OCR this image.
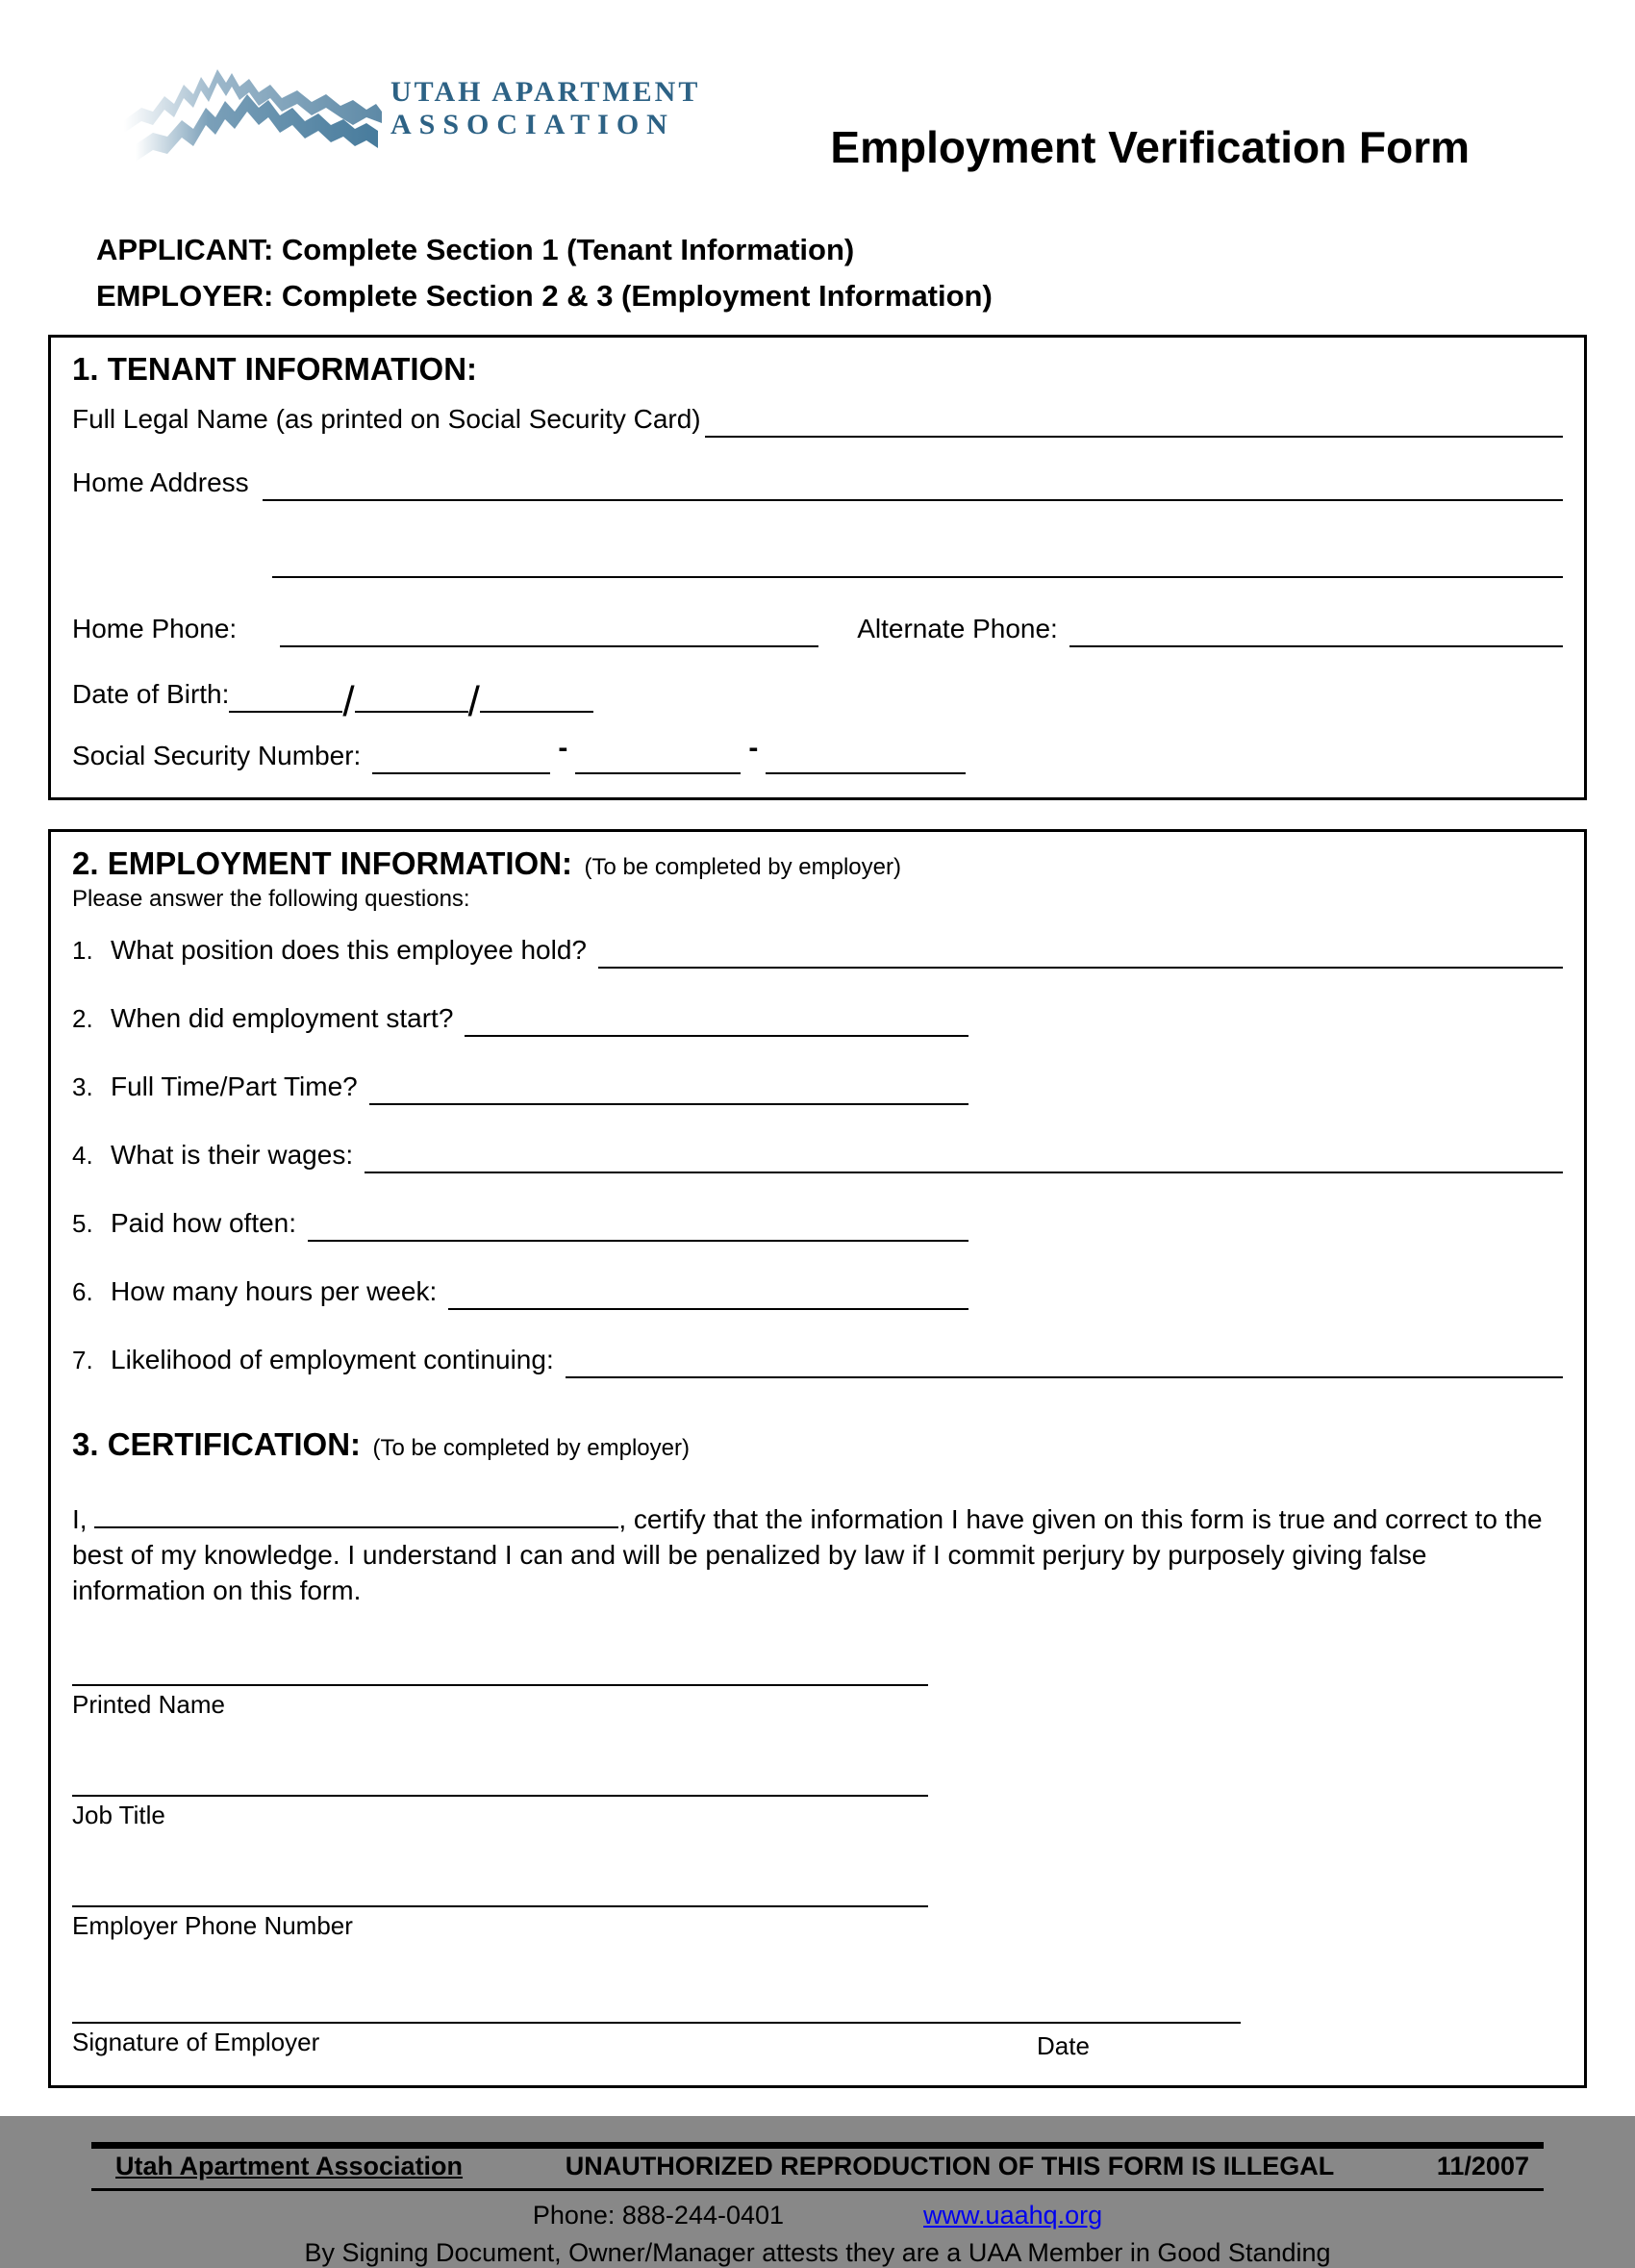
UTAH APARTMENT
ASSOCIATION	Employment Verification Form
APPLICANT: Complete Section 1 (Tenant Information)
EMPLOYER: Complete Section 2 & 3 (Employment Information)
1. TENANT INFORMATION:
Full Legal Name (as printed on Social Security Card)
Home Address
Home Phone:	Alternate Phone:
Date of Birth:	/	/
Social Security Number:	-	-
2. EMPLOYMENT INFORMATION: (To be completed by employer)
Please answer the following questions:
1. What position does this employee hold?
2. When did employment start?
3. Full Time/Part Time?
4. What is their wages:
5. Paid how often:
6. How many hours per week:
7. Likelihood of employment continuing:
3. CERTIFICATION: (To be completed by employer)

I,	, certify that the information I have given on this form is true and correct to the best of my knowledge. I understand I can and will be penalized by law if I commit perjury by purposely giving false information on this form.

Printed Name
Job Title
Employer Phone Number
Signature of Employer	Date
Utah Apartment Association	UNAUTHORIZED REPRODUCTION OF THIS FORM IS ILLEGAL	11/2007
Phone: 888-244-0401	www.uaahq.org
By Signing Document, Owner/Manager attests they are a UAA Member in Good Standing
